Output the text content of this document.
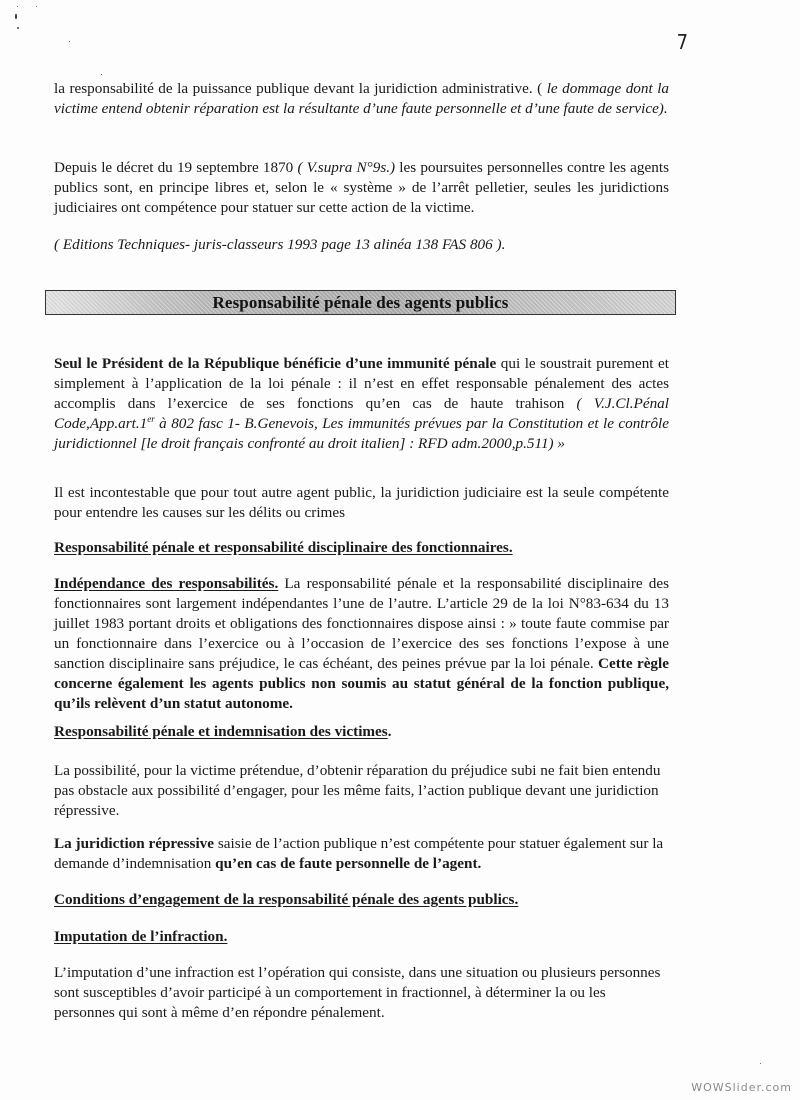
7
la responsabilité de la puissance publique devant la juridiction administrative. ( le dommage dont la victime entend obtenir réparation est la résultante d’une faute personnelle et d’une faute de service).
Depuis le décret du 19 septembre 1870 ( V.supra N°9s.) les poursuites personnelles contre les agents publics sont, en principe libres et, selon le « système » de l’arrêt pelletier, seules les juridictions judiciaires ont compétence pour statuer sur cette action de la victime.
( Editions Techniques- juris-classeurs 1993 page 13 alinéa 138 FAS 806 ).
Responsabilité pénale des agents publics
Seul le Président de la République bénéficie d’une immunité pénale qui le soustrait purement et simplement à l’application de la loi pénale : il n’est en effet responsable pénalement des actes accomplis dans l’exercice de ses fonctions qu’en cas de haute trahison ( V.J.Cl.Pénal Code,App.art.1er à 802 fasc 1- B.Genevois, Les immunités prévues par la Constitution et le contrôle juridictionnel [le droit français confronté au droit italien] : RFD adm.2000,p.511) »
Il est incontestable que pour tout autre agent public, la juridiction judiciaire est la seule compétente pour entendre les causes sur les délits ou crimes
Responsabilité pénale et responsabilité disciplinaire des fonctionnaires.
Indépendance des responsabilités. La responsabilité pénale et la responsabilité disciplinaire des fonctionnaires sont largement indépendantes l’une de l’autre. L’article 29 de la loi N°83-634 du 13 juillet 1983 portant droits et obligations des fonctionnaires dispose ainsi : » toute faute commise par un fonctionnaire dans l’exercice ou à l’occasion de l’exercice des ses fonctions l’expose à une sanction disciplinaire sans préjudice, le cas échéant, des peines prévue par la loi pénale. Cette règle concerne également les agents publics non soumis au statut général de la fonction publique, qu’ils relèvent d’un statut autonome.
Responsabilité pénale et indemnisation des victimes.
La possibilité, pour la victime prétendue, d’obtenir réparation du préjudice subi ne fait bien entendu pas obstacle aux possibilité d’engager, pour les même faits, l’action publique devant une juridiction répressive.
La juridiction répressive saisie de l’action publique n’est compétente pour statuer également sur la demande d’indemnisation qu’en cas de faute personnelle de l’agent.
Conditions d’engagement de la responsabilité pénale des agents publics.
Imputation de l’infraction.
L’imputation d’une infraction est l’opération qui consiste, dans une situation ou plusieurs personnes sont susceptibles d’avoir participé à un comportement in fractionnel, à déterminer la ou les personnes qui sont à même d’en répondre pénalement.
WOWSlider.com
